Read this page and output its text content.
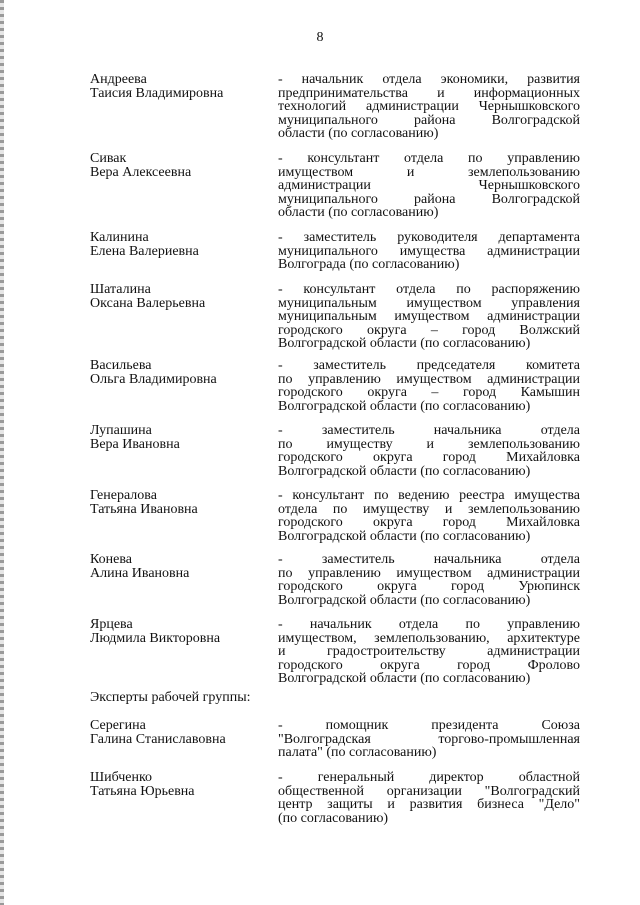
8
Андреева
Таисия Владимировна
- начальник отдела экономики, развития
предпринимательства и информационных
технологий администрации Чернышковского
муниципального района Волгоградской
области (по согласованию)
Сивак
Вера Алексеевна
- консультант отдела по управлению
имуществом и землепользованию
администрации Чернышковского
муниципального района Волгоградской
области (по согласованию)
Калинина
Елена Валериевна
- заместитель руководителя департамента
муниципального имущества администрации
Волгограда (по согласованию)
Шаталина
Оксана Валерьевна
- консультант отдела по распоряжению
муниципальным имуществом управления
муниципальным имуществом администрации
городского округа – город Волжский
Волгоградской области (по согласованию)
Васильева
Ольга Владимировна
- заместитель председателя комитета
по управлению имуществом администрации
городского округа – город Камышин
Волгоградской области (по согласованию)
Лупашина
Вера Ивановна
- заместитель начальника отдела
по имуществу и землепользованию
городского округа город Михайловка
Волгоградской области (по согласованию)
Генералова
Татьяна Ивановна
- консультант по ведению реестра имущества
отдела по имуществу и землепользованию
городского округа город Михайловка
Волгоградской области (по согласованию)
Конева
Алина Ивановна
- заместитель начальника отдела
по управлению имуществом администрации
городского округа город Урюпинск
Волгоградской области (по согласованию)
Ярцева
Людмила Викторовна
- начальник отдела по управлению
имуществом, землепользованию, архитектуре
и градостроительству администрации
городского округа город Фролово
Волгоградской области (по согласованию)
Эксперты рабочей группы:
Серегина
Галина Станиславовна
- помощник президента Союза
"Волгоградская торгово-промышленная
палата" (по согласованию)
Шибченко
Татьяна Юрьевна
- генеральный директор областной
общественной организации "Волгоградский
центр защиты и развития бизнеса "Дело"
(по согласованию)
